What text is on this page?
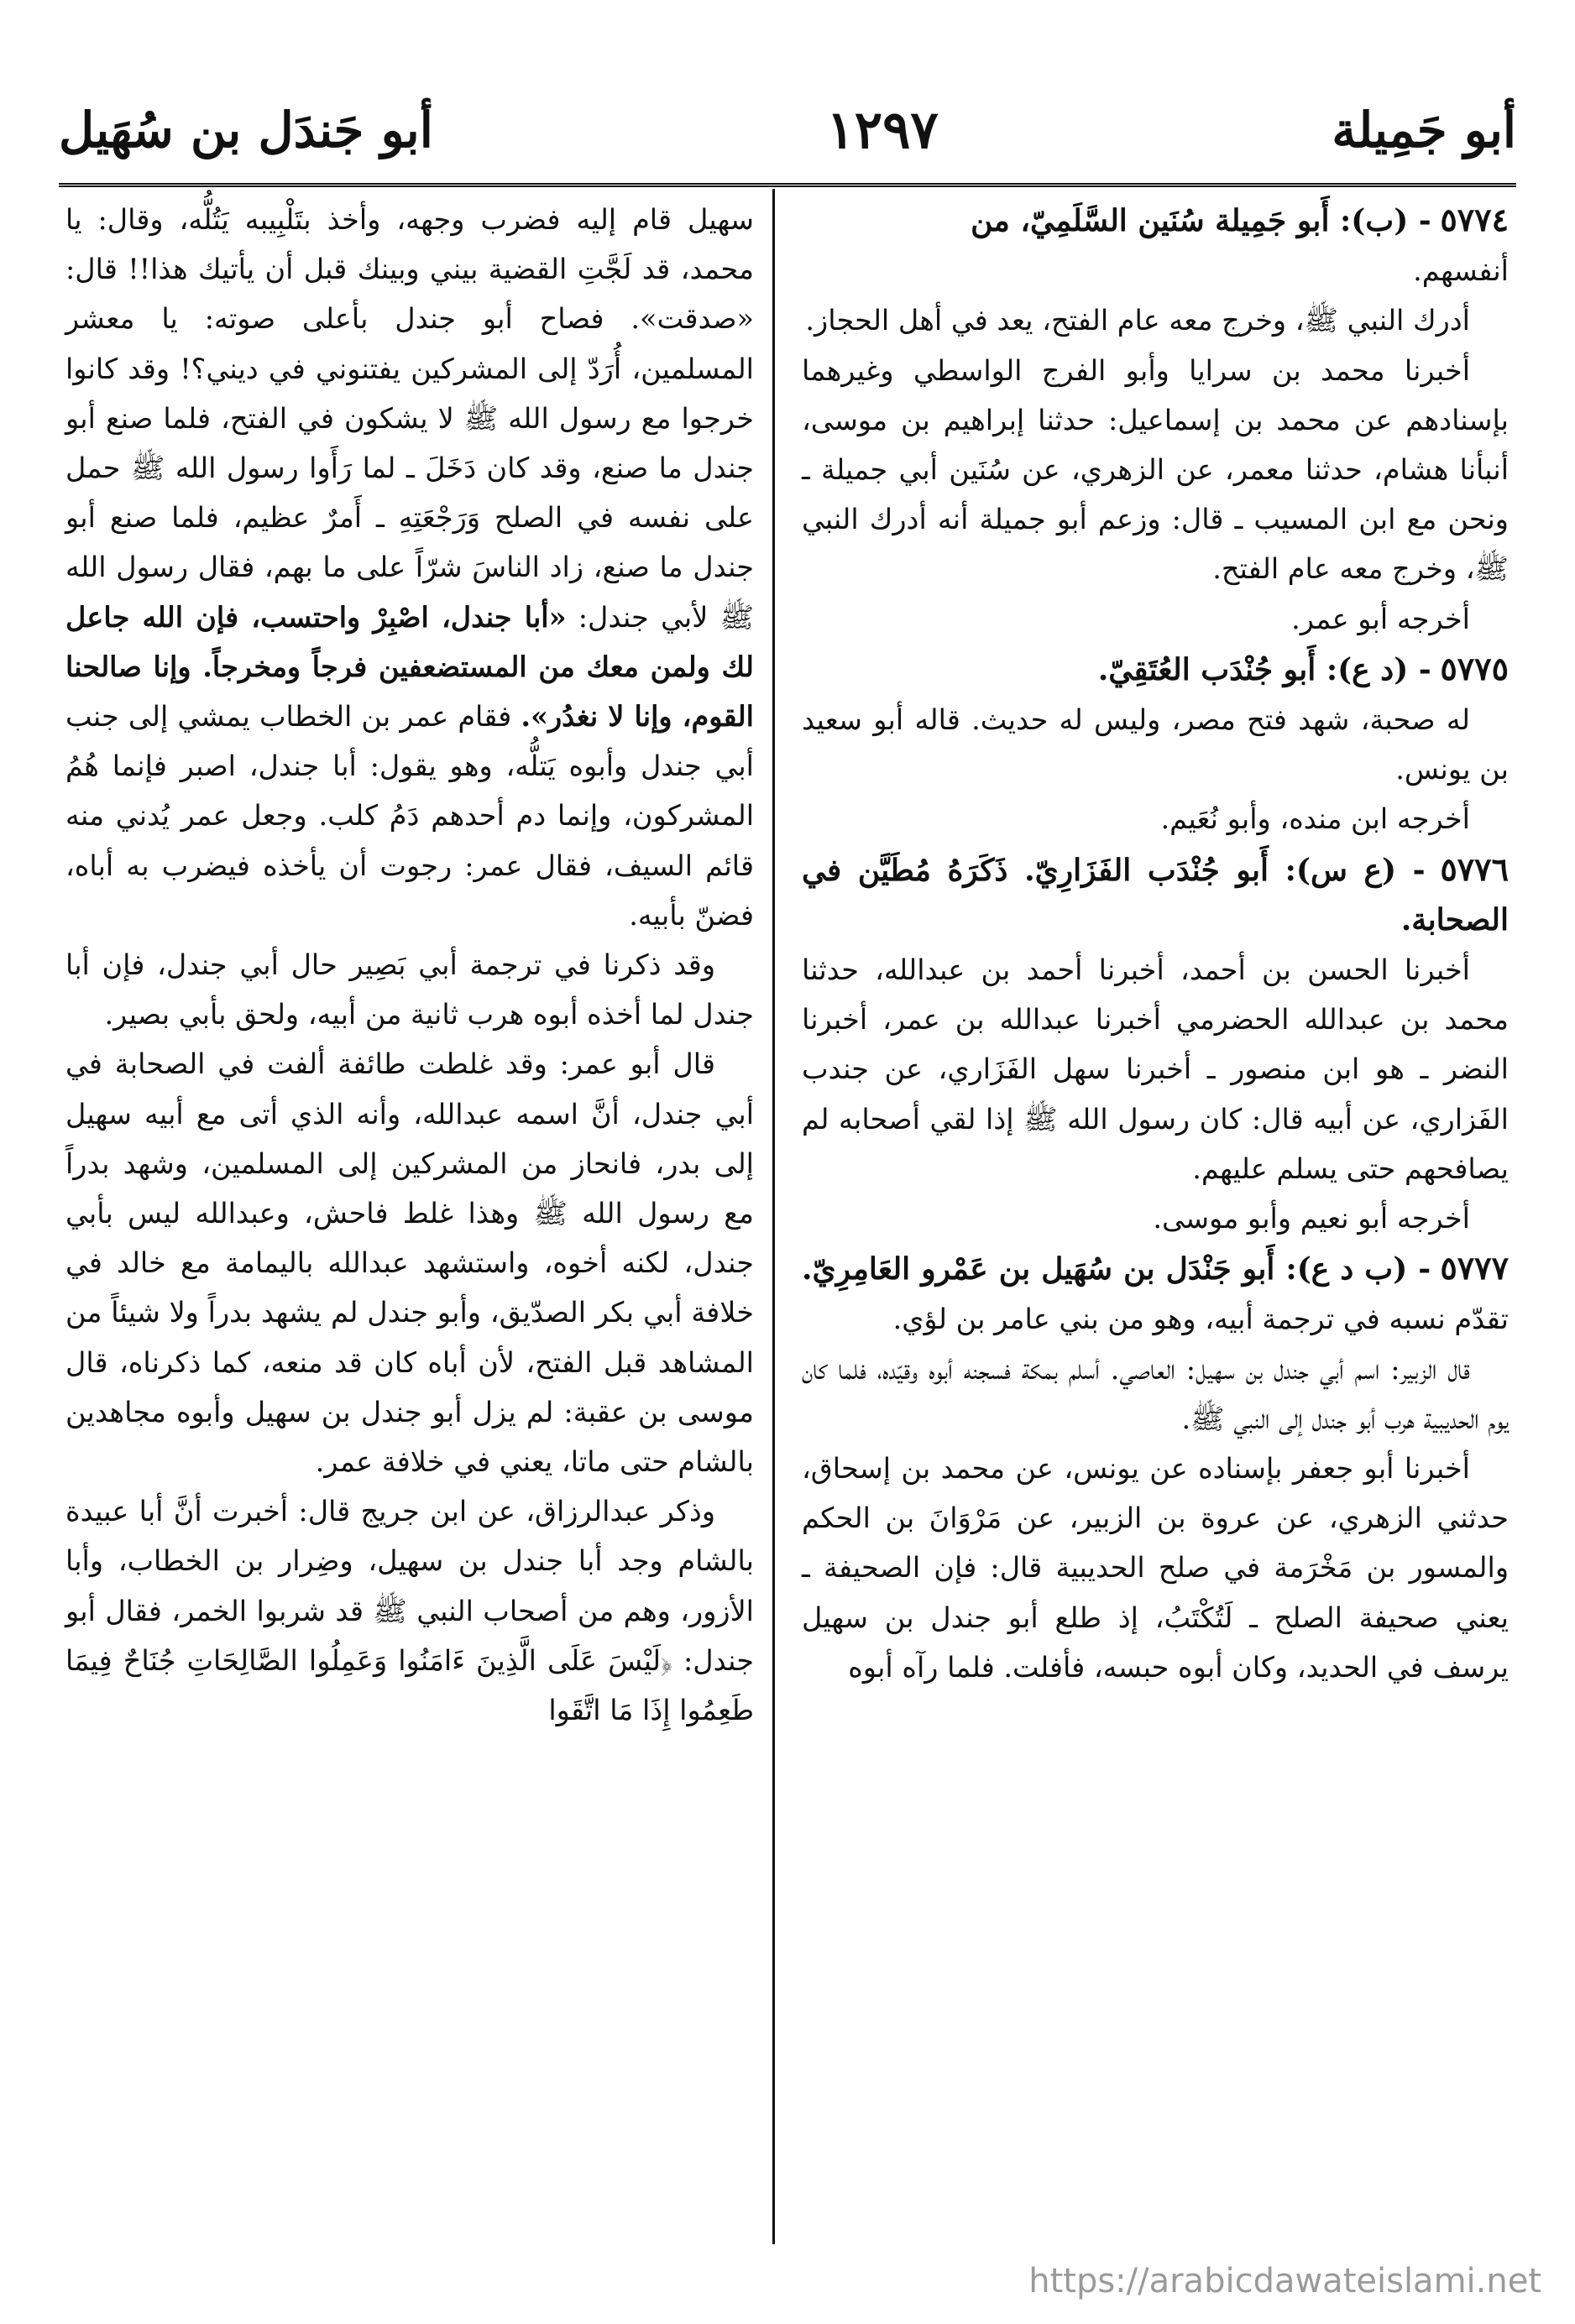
أبو جَمِيلة
١٢٩٧
أبو جَندَل بن سُهَيل

٥٧٧٤ - (ب): أَبو جَمِيلة سُنَين السَّلَمِيّ، من

أنفسهم.

أدرك النبي ﷺ، وخرج معه عام الفتح، يعد في أهل الحجاز.

أخبرنا محمد بن سرايا وأبو الفرج الواسطي وغيرهما بإسنادهم عن محمد بن إسماعيل: حدثنا إبراهيم بن موسى، أنبأنا هشام، حدثنا معمر، عن الزهري، عن سُنَين أبي جميلة ـ ونحن مع ابن المسيب ـ قال: وزعم أبو جميلة أنه أدرك النبي ﷺ، وخرج معه عام الفتح.

أخرجه أبو عمر.

٥٧٧٥ - (د ع): أَبو جُنْدَب العُتَقِيّ.

له صحبة، شهد فتح مصر، وليس له حديث. قاله أبو سعيد بن يونس.

أخرجه ابن منده، وأبو نُعَيم.

٥٧٧٦ - (ع س): أَبو جُنْدَب الفَزَارِيّ. ذَكَرَهُ مُطَيَّن في الصحابة.

أخبرنا الحسن بن أحمد، أخبرنا أحمد بن عبدالله، حدثنا محمد بن عبدالله الحضرمي أخبرنا عبدالله بن عمر، أخبرنا النضر ـ هو ابن منصور ـ أخبرنا سهل الفَزَاري، عن جندب الفَزاري، عن أبيه قال: كان رسول الله ﷺ إذا لقي أصحابه لم يصافحهم حتى يسلم عليهم.

أخرجه أبو نعيم وأبو موسى.

٥٧٧٧ - (ب د ع): أَبو جَنْدَل بن سُهَيل بن عَمْرو العَامِرِيّ. تقدّم نسبه في ترجمة أبيه، وهو من بني عامر بن لؤي.

قال الزبير: اسم أبي جندل بن سهيل: العاصي. أسلم بمكة فسجنه أبوه وقيّده، فلما كان يوم الحديبية هرب أبو جندل إلى النبي ﷺ.

أخبرنا أبو جعفر بإسناده عن يونس، عن محمد بن إسحاق، حدثني الزهري، عن عروة بن الزبير، عن مَرْوَانَ بن الحكم والمسور بن مَخْرَمة في صلح الحديبية قال: فإن الصحيفة ـ يعني صحيفة الصلح ـ لَتُكْتَبُ، إذ طلع أبو جندل بن سهيل يرسف في الحديد، وكان أبوه حبسه، فأفلت. فلما رآه أبوه

سهيل قام إليه فضرب وجهه، وأخذ بتَلْبِيبه يَتُلُّه، وقال: يا محمد، قد لَجَّتِ القضية بيني وبينك قبل أن يأتيك هذا!! قال: «صدقت». فصاح أبو جندل بأعلى صوته: يا معشر المسلمين، أُرَدّ إلى المشركين يفتنوني في ديني؟! وقد كانوا خرجوا مع رسول الله ﷺ لا يشكون في الفتح، فلما صنع أبو جندل ما صنع، وقد كان دَخَلَ ـ لما رَأَوا رسول الله ﷺ حمل على نفسه في الصلح وَرَجْعَتِهِ ـ أَمرٌ عظيم، فلما صنع أبو جندل ما صنع، زاد الناسَ شرّاً على ما بهم، فقال رسول الله ﷺ لأبي جندل: «أبا جندل، اصْبِرْ واحتسب، فإن الله جاعل لك ولمن معك من المستضعفين فرجاً ومخرجاً. وإنا صالحنا القوم، وإنا لا نغدُر». فقام عمر بن الخطاب يمشي إلى جنب أبي جندل وأبوه يَتلُّه، وهو يقول: أبا جندل، اصبر فإنما هُمُ المشركون، وإنما دم أحدهم دَمُ كلب. وجعل عمر يُدني منه قائم السيف، فقال عمر: رجوت أن يأخذه فيضرب به أباه، فضنّ بأبيه.

وقد ذكرنا في ترجمة أبي بَصِير حال أبي جندل، فإن أبا جندل لما أخذه أبوه هرب ثانية من أبيه، ولحق بأبي بصير.

قال أبو عمر: وقد غلطت طائفة ألفت في الصحابة في أبي جندل، أنَّ اسمه عبدالله، وأنه الذي أتى مع أبيه سهيل إلى بدر، فانحاز من المشركين إلى المسلمين، وشهد بدراً مع رسول الله ﷺ وهذا غلط فاحش، وعبدالله ليس بأبي جندل، لكنه أخوه، واستشهد عبدالله باليمامة مع خالد في خلافة أبي بكر الصدّيق، وأبو جندل لم يشهد بدراً ولا شيئاً من المشاهد قبل الفتح، لأن أباه كان قد منعه، كما ذكرناه، قال موسى بن عقبة: لم يزل أبو جندل بن سهيل وأبوه مجاهدين بالشام حتى ماتا، يعني في خلافة عمر.

وذكر عبدالرزاق، عن ابن جريج قال: أخبرت أنَّ أبا عبيدة بالشام وجد أبا جندل بن سهيل، وضِرار بن الخطاب، وأبا الأزور، وهم من أصحاب النبي ﷺ قد شربوا الخمر، فقال أبو جندل: ﴿لَيْسَ عَلَى الَّذِينَ ءَامَنُوا وَعَمِلُوا الصَّالِحَاتِ جُنَاحٌ فِيمَا طَعِمُوا إِذَا مَا اتَّقَوا

https://arabicdawateislami.net
